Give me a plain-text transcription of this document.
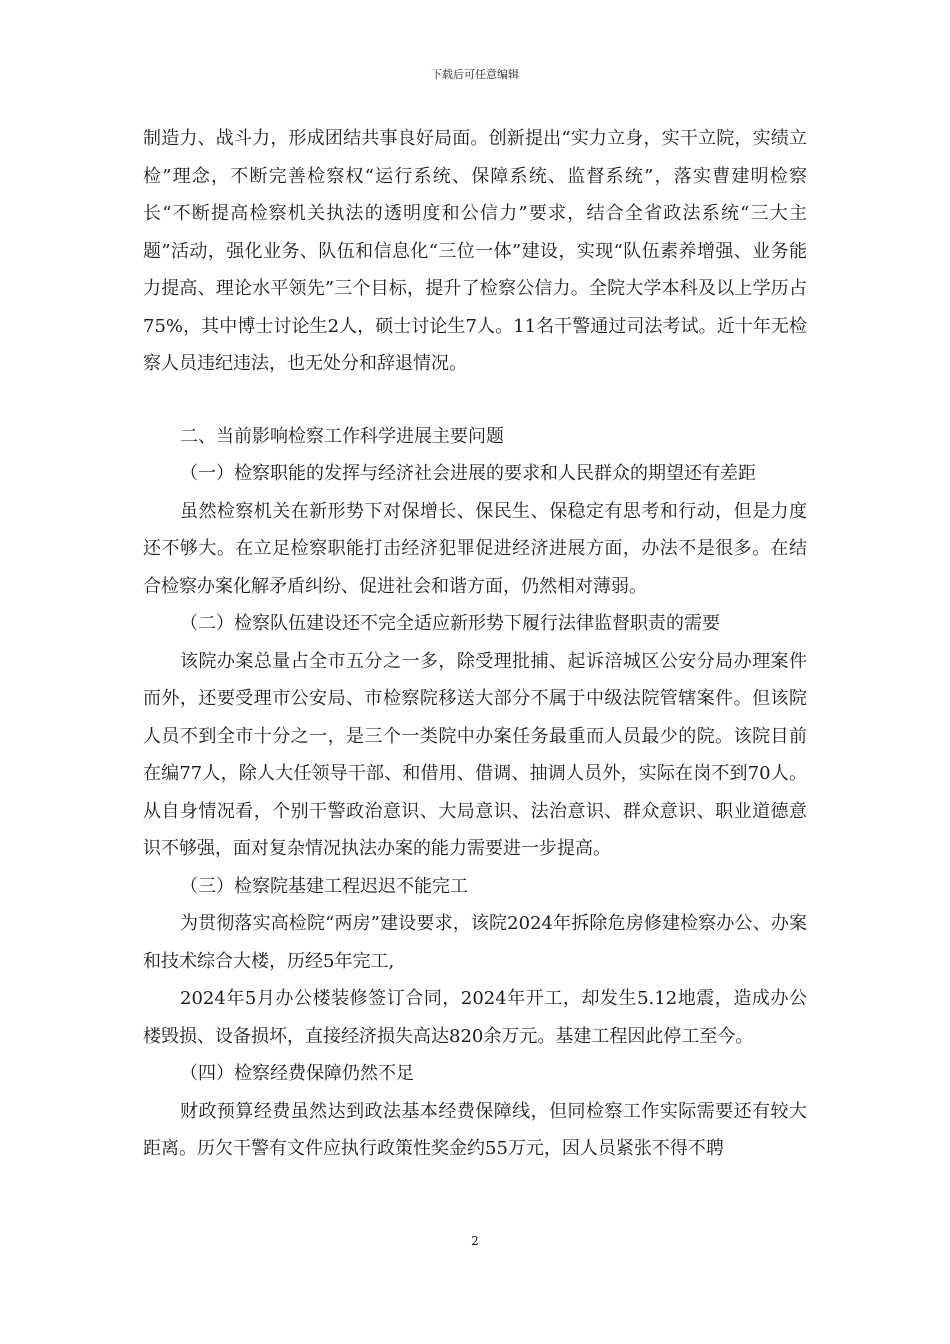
下载后可任意编辑

制造力、战斗力，形成团结共事良好局面。创新提出“实力立身，实干立院，实绩立检”理念，不断完善检察权“运行系统、保障系统、监督系统”，落实曹建明检察长“不断提高检察机关执法的透明度和公信力”要求，结合全省政法系统“三大主题”活动，强化业务、队伍和信息化“三位一体”建设，实现“队伍素养增强、业务能力提高、理论水平领先”三个目标，提升了检察公信力。全院大学本科及以上学历占75%，其中博士讨论生2人，硕士讨论生7人。11名干警通过司法考试。近十年无检察人员违纪违法，也无处分和辞退情况。

二、当前影响检察工作科学进展主要问题

（一）检察职能的发挥与经济社会进展的要求和人民群众的期望还有差距

虽然检察机关在新形势下对保增长、保民生、保稳定有思考和行动，但是力度还不够大。在立足检察职能打击经济犯罪促进经济进展方面，办法不是很多。在结合检察办案化解矛盾纠纷、促进社会和谐方面，仍然相对薄弱。

（二）检察队伍建设还不完全适应新形势下履行法律监督职责的需要

该院办案总量占全市五分之一多，除受理批捕、起诉涪城区公安分局办理案件而外，还要受理市公安局、市检察院移送大部分不属于中级法院管辖案件。但该院人员不到全市十分之一，是三个一类院中办案任务最重而人员最少的院。该院目前在编77人，除人大任领导干部、和借用、借调、抽调人员外，实际在岗不到70人。从自身情况看，个别干警政治意识、大局意识、法治意识、群众意识、职业道德意识不够强，面对复杂情况执法办案的能力需要进一步提高。

（三）检察院基建工程迟迟不能完工

为贯彻落实高检院“两房”建设要求，该院2024年拆除危房修建检察办公、办案和技术综合大楼，历经5年完工,

2024年5月办公楼装修签订合同，2024年开工，却发生5.12地震，造成办公楼毁损、设备损坏，直接经济损失高达820余万元。基建工程因此停工至今。

（四）检察经费保障仍然不足

财政预算经费虽然达到政法基本经费保障线，但同检察工作实际需要还有较大距离。历欠干警有文件应执行政策性奖金约55万元，因人员紧张不得不聘

2
